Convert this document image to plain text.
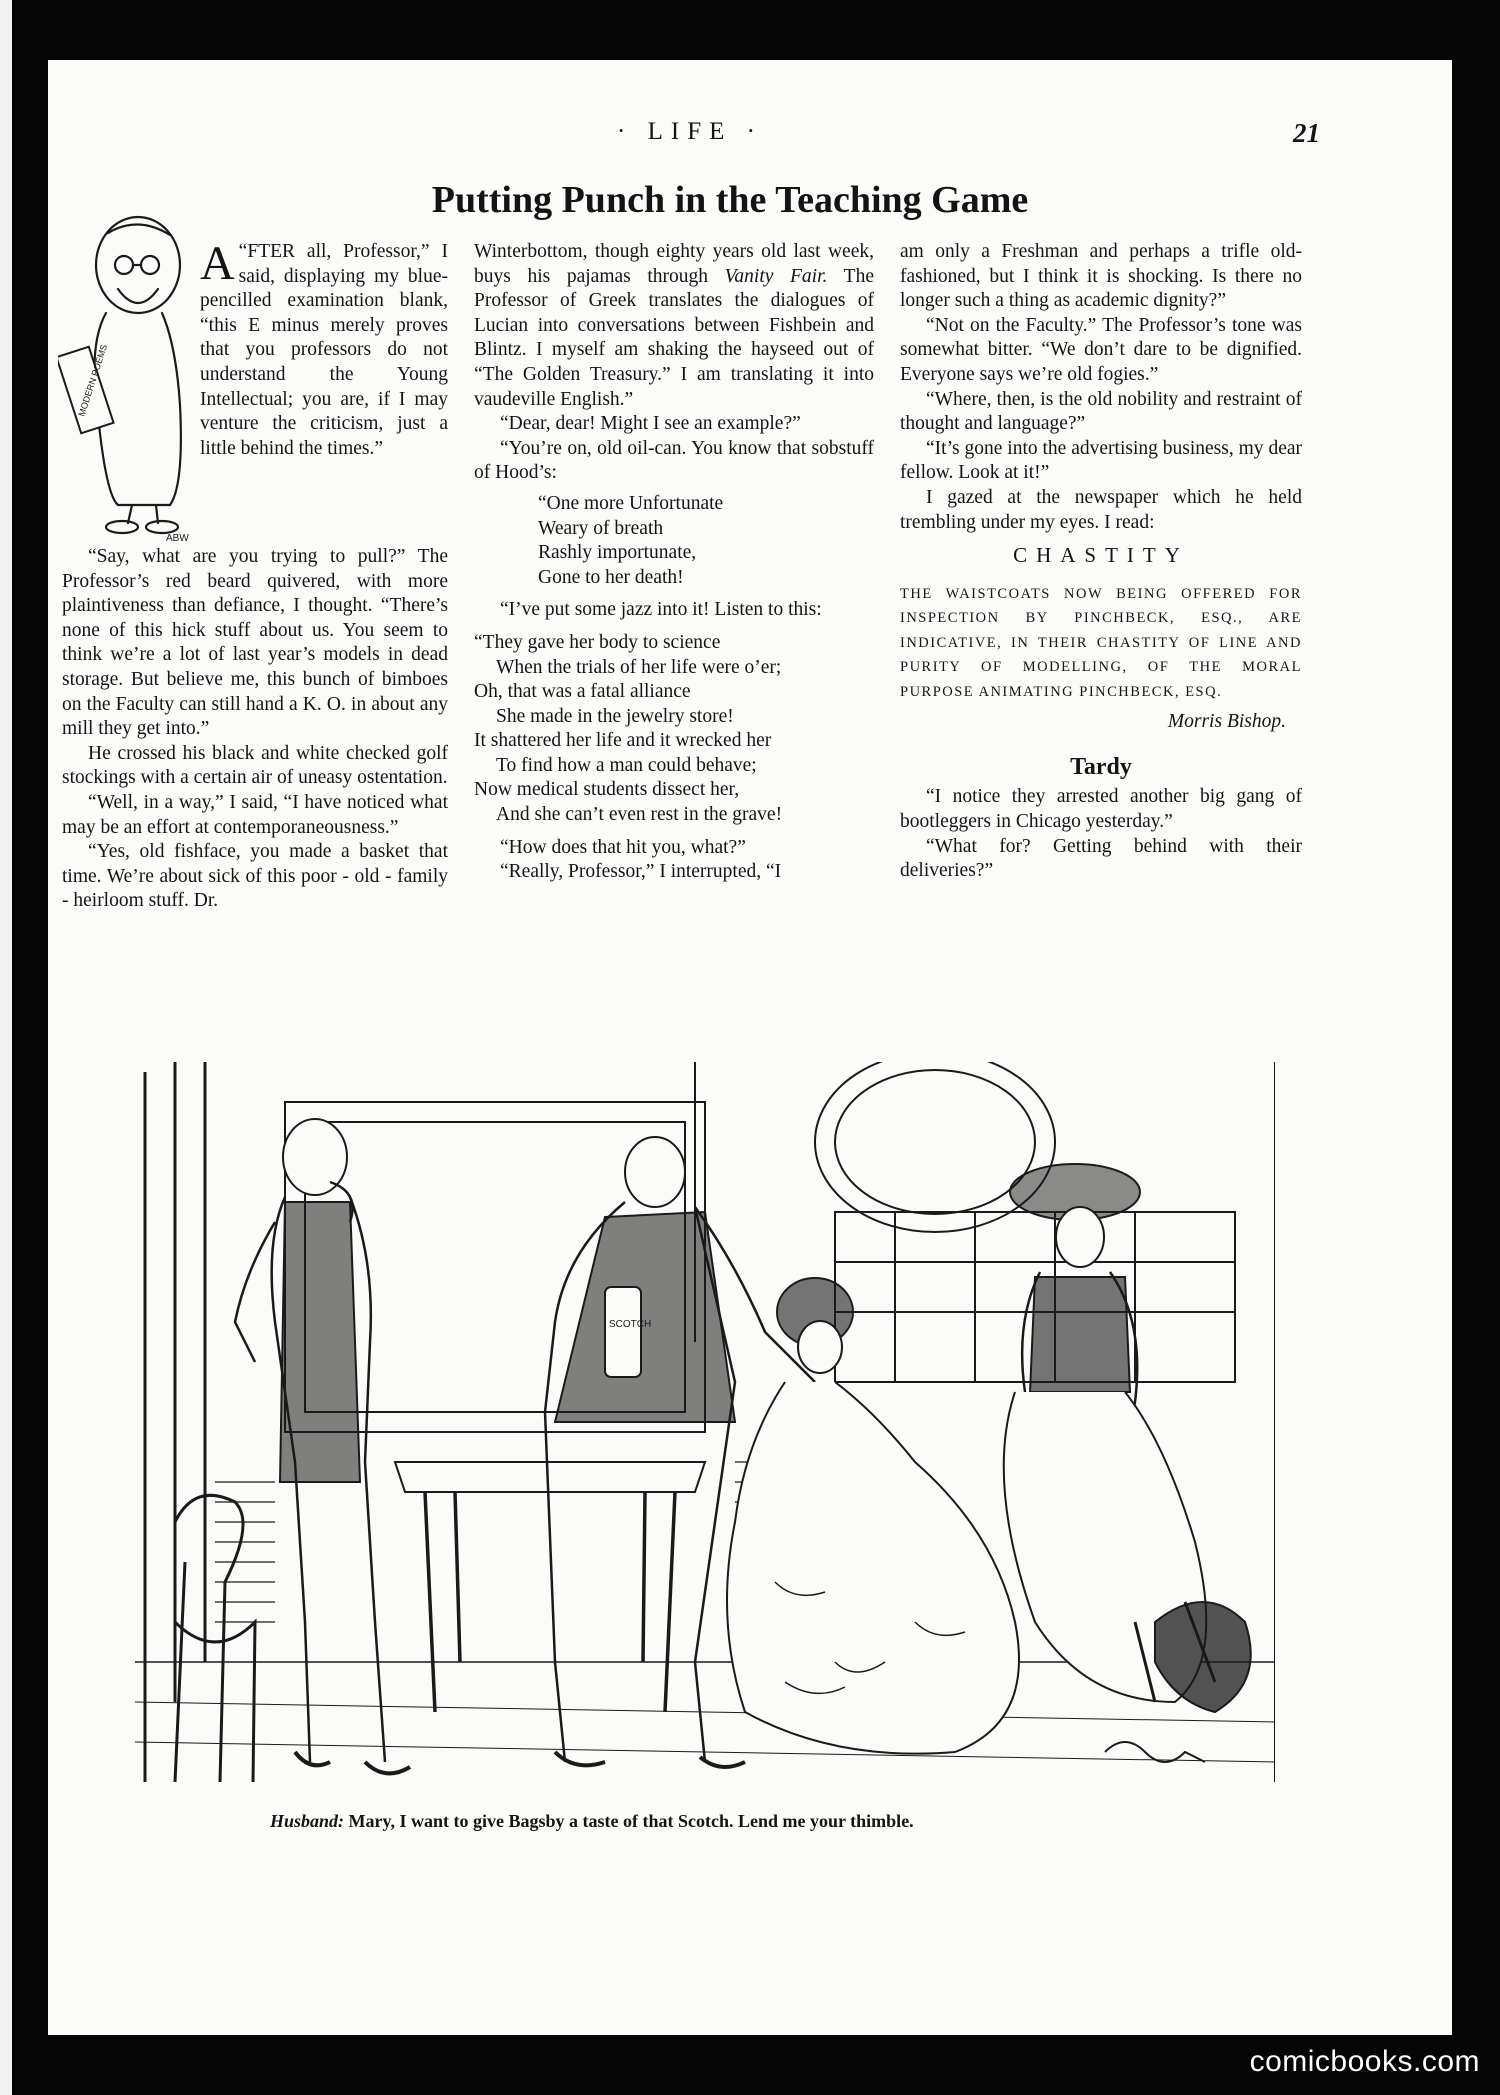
· LIFE ·	21
Putting Punch in the Teaching Game
MODERN POEMS
ABW

“
A FTER all, Professor,” I said, displaying my blue-pencilled examination blank, “this E minus merely proves that you professors do not understand the Young Intellectual; you are, if I may venture the criticism, just a little behind the times.”

“Say, what are you trying to pull?” The Professor’s red beard quivered, with more plaintiveness than defiance, I thought. “There’s none of this hick stuff about us. You seem to think we’re a lot of last year’s models in dead storage. But believe me, this bunch of bimboes on the Faculty can still hand a K. O. in about any mill they get into.”

He crossed his black and white checked golf stockings with a certain air of uneasy ostentation.

“Well, in a way,” I said, “I have noticed what may be an effort at contemporaneousness.”

“Yes, old fishface, you made a basket that time. We’re about sick of this poor - old - family - heirloom stuff. Dr.

Winterbottom, though eighty years old last week, buys his pajamas through Vanity Fair. The Professor of Greek translates the dialogues of Lucian into conversations between Fishbein and Blintz. I myself am shaking the hayseed out of “The Golden Treasury.” I am translating it into vaudeville English.”

“Dear, dear! Might I see an example?”

“You’re on, old oil-can. You know that sobstuff of Hood’s:

“One more Unfortunate
Weary of breath
Rashly importunate,
Gone to her death!

“I’ve put some jazz into it! Listen to this:

“They gave her body to science
When the trials of her life were o’er;
Oh, that was a fatal alliance
She made in the jewelry store!
It shattered her life and it wrecked her
To find how a man could behave;
Now medical students dissect her,
And she can’t even rest in the grave!

“How does that hit you, what?”

“Really, Professor,” I interrupted, “I

am only a Freshman and perhaps a trifle old-fashioned, but I think it is shocking. Is there no longer such a thing as academic dignity?”

“Not on the Faculty.” The Professor’s tone was somewhat bitter. “We don’t dare to be dignified. Everyone says we’re old fogies.”

“Where, then, is the old nobility and restraint of thought and language?”

“It’s gone into the advertising business, my dear fellow. Look at it!”

I gazed at the newspaper which he held trembling under my eyes. I read:

CHASTITY

THE WAISTCOATS NOW BEING OFFERED FOR INSPECTION BY PINCHBECK, ESQ., ARE INDICATIVE, IN THEIR CHASTITY OF LINE AND PURITY OF MODELLING, OF THE MORAL PURPOSE ANIMATING PINCHBECK, ESQ.

Morris Bishop.

Tardy

“I notice they arrested another big gang of bootleggers in Chicago yesterday.”

“What for? Getting behind with their deliveries?”

SCOTCH
Husband: Mary, I want to give Bagsby a taste of that Scotch. Lend me your thimble.
comicbooks.com
